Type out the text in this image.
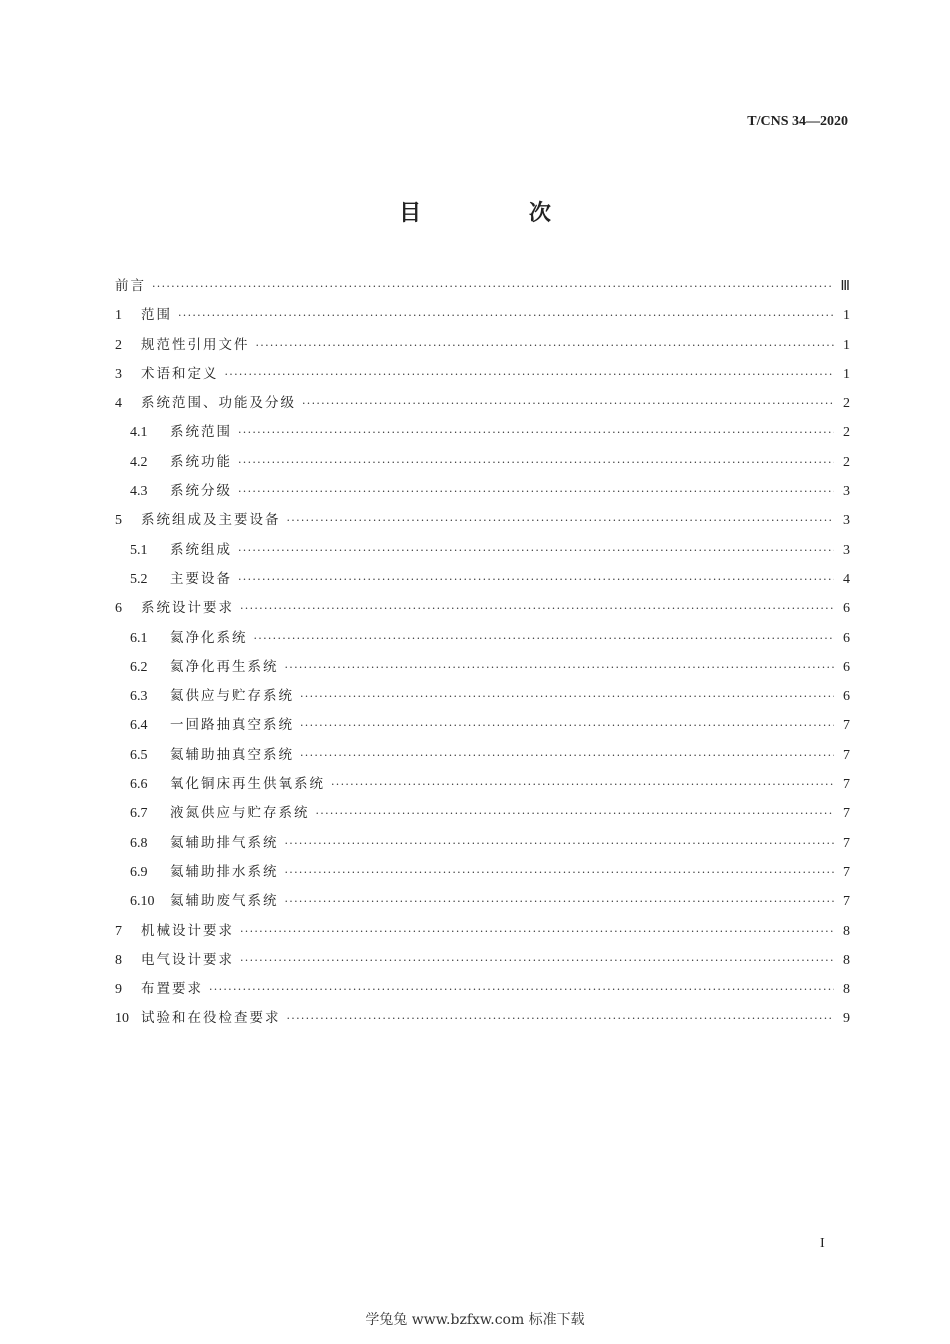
T/CNS 34—2020
目 次
前言 ·····	Ⅲ
1	范围 ·····	1
2	规范性引用文件 ·····	1
3	术语和定义 ·····	1
4	系统范围、功能及分级 ·····	2
4.1	系统范围 ·····	2
4.2	系统功能 ·····	2
4.3	系统分级 ·····	3
5	系统组成及主要设备 ·····	3
5.1	系统组成 ·····	3
5.2	主要设备 ·····	4
6	系统设计要求 ·····	6
6.1	氦净化系统 ·····	6
6.2	氦净化再生系统 ·····	6
6.3	氦供应与贮存系统 ·····	6
6.4	一回路抽真空系统 ·····	7
6.5	氦辅助抽真空系统 ·····	7
6.6	氧化铜床再生供氧系统 ·····	7
6.7	液氮供应与贮存系统 ·····	7
6.8	氦辅助排气系统 ·····	7
6.9	氦辅助排水系统 ·····	7
6.10	氦辅助废气系统 ·····	7
7	机械设计要求 ·····	8
8	电气设计要求 ·····	8
9	布置要求 ·····	8
10 试验和在役检查要求 ·····	9
I
学兔兔 www.bzfxw.com 标准下载
